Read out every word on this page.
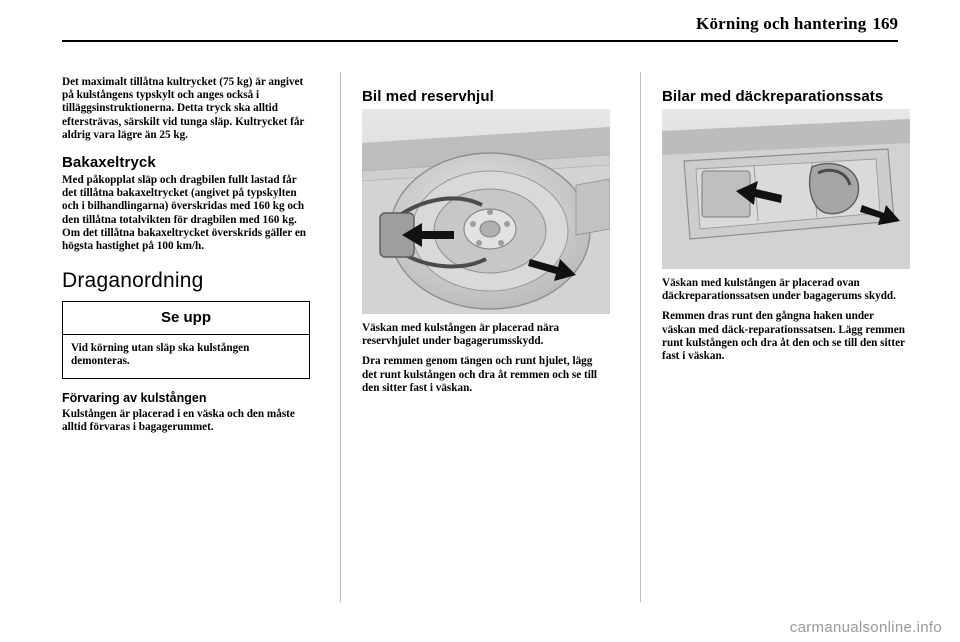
Körning och hantering 169

Det maximalt tillåtna kultrycket (75 kg) är angivet på kulstångens typskylt och anges också i tilläggsinstruktionerna. Detta tryck ska alltid eftersträvas, särskilt vid tunga släp. Kultrycket får aldrig vara lägre än 25 kg.

Bakaxeltryck

Med påkopplat släp och dragbilen fullt lastad får det tillåtna bakaxeltrycket (angivet på typskylten och i bilhandlingarna) överskridas med 160 kg och den tillåtna totalvikten för dragbilen med 160 kg. Om det tillåtna bakaxeltrycket överskrids gäller en högsta hastighet på 100 km/h.

Draganordning
Se upp

Vid körning utan släp ska kulstången demonteras.

Förvaring av kulstången

Kulstången är placerad i en väska och den måste alltid förvaras i bagagerummet.

Bil med reservhjul

Väskan med kulstången är placerad nära reservhjulet under bagagerumsskydd.

Dra remmen genom tängen och runt hjulet, lägg det runt kulstången och dra åt remmen och se till den sitter fast i väskan.

Bilar med däckreparationssats

Väskan med kulstången är placerad ovan däckreparationssatsen under bagagerums skydd.

Remmen dras runt den gångna haken under väskan med däck-reparationssatsen. Lägg remmen runt kulstången och dra åt den och se till den sitter fast i väskan.

carmanualsonline.info
